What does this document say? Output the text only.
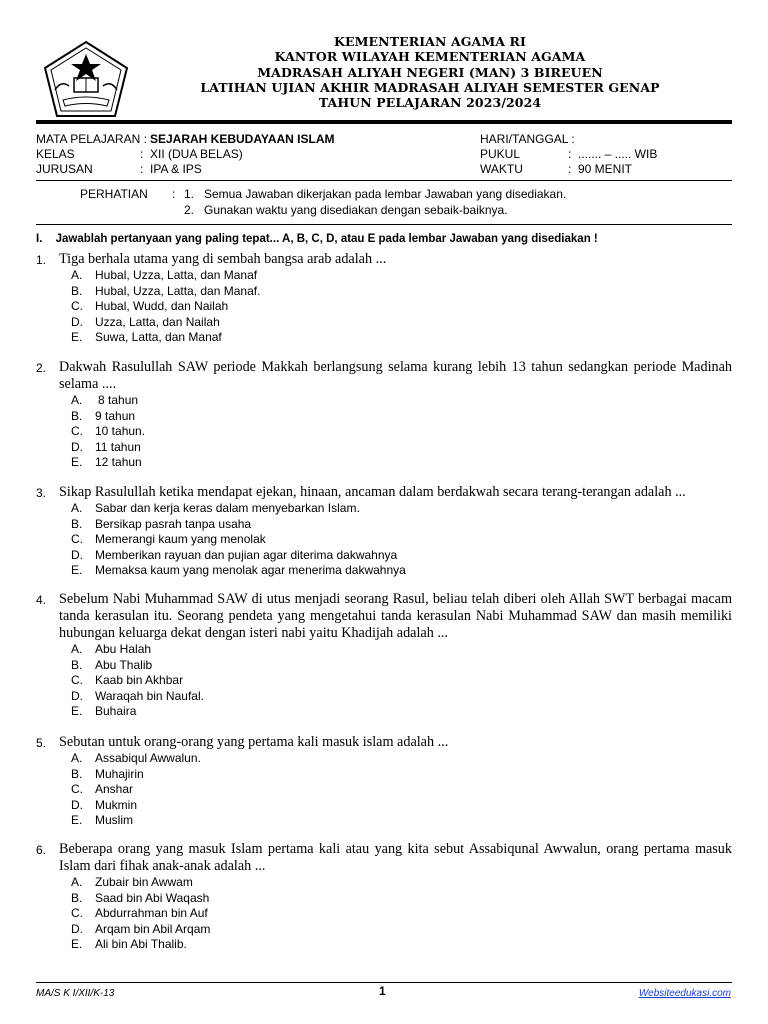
KEMENTERIAN AGAMA RI
KANTOR WILAYAH KEMENTERIAN AGAMA
MADRASAH ALIYAH NEGERI (MAN) 3 BIREUEN
LATIHAN UJIAN AKHIR MADRASAH ALIYAH SEMESTER GENAP
TAHUN PELAJARAN 2023/2024
MATA PELAJARAN : SEJARAH KEBUDAYAAN ISLAM
KELAS	: XII (DUA BELAS)
JURUSAN	: IPA & IPS
HARI/TANGGAL :
PUKUL	: ....... – ..... WIB
WAKTU	: 90 MENIT
PERHATIAN : 1. Semua Jawaban dikerjakan pada lembar Jawaban yang disediakan.
2. Gunakan waktu yang disediakan dengan sebaik-baiknya.
I. Jawablah pertanyaan yang paling tepat... A, B, C, D, atau E pada lembar Jawaban yang disediakan !
1. Tiga berhala utama yang di sembah bangsa arab adalah ...
A. Hubal, Uzza, Latta, dan Manaf
B. Hubal, Uzza, Latta, dan Manaf.
C. Hubal, Wudd, dan Nailah
D. Uzza, Latta, dan Nailah
E. Suwa, Latta, dan Manaf
2. Dakwah Rasulullah SAW periode Makkah berlangsung selama kurang lebih 13 tahun sedangkan periode Madinah selama ....
A. 8 tahun
B. 9 tahun
C. 10 tahun.
D. 11 tahun
E. 12 tahun
3. Sikap Rasulullah ketika mendapat ejekan, hinaan, ancaman dalam berdakwah secara terang-terangan adalah ...
A. Sabar dan kerja keras dalam menyebarkan Islam.
B. Bersikap pasrah tanpa usaha
C. Memerangi kaum yang menolak
D. Memberikan rayuan dan pujian agar diterima dakwahnya
E. Memaksa kaum yang menolak agar menerima dakwahnya
4. Sebelum Nabi Muhammad SAW di utus menjadi seorang Rasul, beliau telah diberi oleh Allah SWT berbagai macam tanda kerasulan itu. Seorang pendeta yang mengetahui tanda kerasulan Nabi Muhammad SAW dan masih memiliki hubungan keluarga dekat dengan isteri nabi yaitu Khadijah adalah ...
A. Abu Halah
B. Abu Thalib
C. Kaab bin Akhbar
D. Waraqah bin Naufal.
E. Buhaira
5. Sebutan untuk orang-orang yang pertama kali masuk islam adalah ...
A. Assabiqul Awwalun.
B. Muhajirin
C. Anshar
D. Mukmin
E. Muslim
6. Beberapa orang yang masuk Islam pertama kali atau yang kita sebut Assabiqunal Awwalun, orang pertama masuk Islam dari fihak anak-anak adalah ...
A. Zubair bin Awwam
B. Saad bin Abi Waqash
C. Abdurrahman bin Auf
D. Arqam bin Abil Arqam
E. Ali bin Abi Thalib.
MA/S K I/XII/K-13	1	Websiteedukasi.com
